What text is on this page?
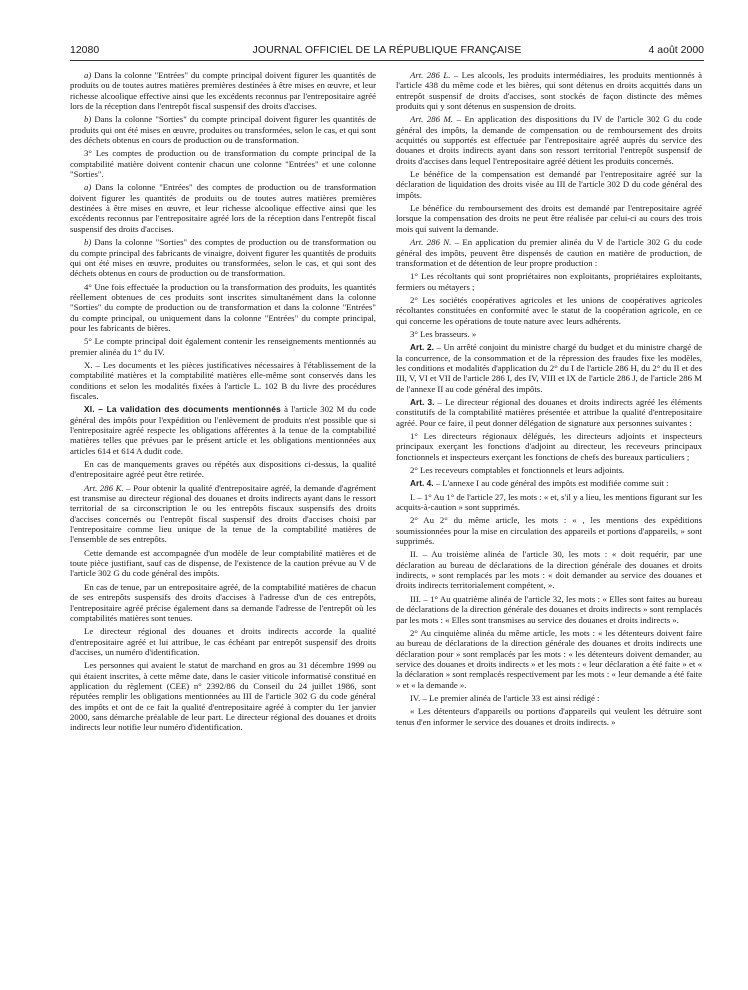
12080	JOURNAL OFFICIEL DE LA RÉPUBLIQUE FRANÇAISE	4 août 2000

a) Dans la colonne "Entrées" du compte principal doivent figurer les quantités de produits ou de toutes autres matières premières destinées à être mises en œuvre, et leur richesse alcoolique effective ainsi que les excédents reconnus par l'entrepositaire agréé lors de la réception dans l'entrepôt fiscal suspensif des droits d'accises.

b) Dans la colonne "Sorties" du compte principal doivent figurer les quantités de produits qui ont été mises en œuvre, produites ou transformées, selon le cas, et qui sont des déchets obtenus en cours de production ou de transformation.

3° Les comptes de production ou de transformation du compte principal de la comptabilité matière doivent contenir chacun une colonne "Entrées" et une colonne "Sorties".

a) Dans la colonne "Entrées" des comptes de production ou de transformation doivent figurer les quantités de produits ou de toutes autres matières premières destinées à être mises en œuvre, et leur richesse alcoolique effective ainsi que les excédents reconnus par l'entrepositaire agréé lors de la réception dans l'entrepôt fiscal suspensif des droits d'accises.

b) Dans la colonne "Sorties" des comptes de production ou de transformation ou du compte principal des fabricants de vinaigre, doivent figurer les quantités de produits qui ont été mises en œuvre, produites ou transformées, selon le cas, et qui sont des déchets obtenus en cours de production ou de transformation.

4° Une fois effectuée la production ou la transformation des produits, les quantités réellement obtenues de ces produits sont inscrites simultanément dans la colonne "Sorties" du compte de production ou de transformation et dans la colonne "Entrées" du compte principal, ou uniquement dans la colonne "Entrées" du compte principal, pour les fabricants de bières.

5° Le compte principal doit également contenir les renseignements mentionnés au premier alinéa du 1° du IV.

X. – Les documents et les pièces justificatives nécessaires à l'établissement de la comptabilité matières et la comptabilité matières elle-même sont conservés dans les conditions et selon les modalités fixées à l'article L. 102 B du livre des procédures fiscales.

XI. – La validation des documents mentionnés à l'article 302 M du code général des impôts pour l'expédition ou l'enlèvement de produits n'est possible que si l'entrepositaire agréé respecte les obligations afférentes à la tenue de la comptabilité matières telles que prévues par le présent article et les obligations mentionnées aux articles 614 et 614 A dudit code.

En cas de manquements graves ou répétés aux dispositions ci-dessus, la qualité d'entrepositaire agréé peut être retirée.

Art. 286 K. – Pour obtenir la qualité d'entrepositaire agréé, la demande d'agrément est transmise au directeur régional des douanes et droits indirects ayant dans le ressort territorial de sa circonscription le ou les entrepôts fiscaux suspensifs des droits d'accises concernés ou l'entrepôt fiscal suspensif des droits d'accises choisi par l'entrepositaire comme lieu unique de la tenue de la comptabilité matières de l'ensemble de ses entrepôts.

Cette demande est accompagnée d'un modèle de leur comptabilité matières et de toute pièce justifiant, sauf cas de dispense, de l'existence de la caution prévue au V de l'article 302 G du code général des impôts.

En cas de tenue, par un entrepositaire agréé, de la comptabilité matières de chacun de ses entrepôts suspensifs des droits d'accises à l'adresse d'un de ces entrepôts, l'entrepositaire agréé précise également dans sa demande l'adresse de l'entrepôt où les comptabilités matières sont tenues.

Le directeur régional des douanes et droits indirects accorde la qualité d'entrepositaire agréé et lui attribue, le cas échéant par entrepôt suspensif des droits d'accises, un numéro d'identification.

Les personnes qui avaient le statut de marchand en gros au 31 décembre 1999 ou qui étaient inscrites, à cette même date, dans le casier viticole informatisé constitué en application du règlement (CEE) n° 2392/86 du Conseil du 24 juillet 1986, sont réputées remplir les obligations mentionnées au III de l'article 302 G du code général des impôts et ont de ce fait la qualité d'entrepositaire agréé à compter du 1er janvier 2000, sans démarche préalable de leur part. Le directeur régional des douanes et droits indirects leur notifie leur numéro d'identification.

Art. 286 L. – Les alcools, les produits intermédiaires, les produits mentionnés à l'article 438 du même code et les bières, qui sont détenus en droits acquittés dans un entrepôt suspensif de droits d'accises, sont stockés de façon distincte des mêmes produits qui y sont détenus en suspension de droits.

Art. 286 M. – En application des dispositions du IV de l'article 302 G du code général des impôts, la demande de compensation ou de remboursement des droits acquittés ou supportés est effectuée par l'entrepositaire agréé auprès du service des douanes et droits indirects ayant dans son ressort territorial l'entrepôt suspensif de droits d'accises dans lequel l'entrepositaire agréé détient les produits concernés.

Le bénéfice de la compensation est demandé par l'entrepositaire agréé sur la déclaration de liquidation des droits visée au III de l'article 302 D du code général des impôts.

Le bénéfice du remboursement des droits est demandé par l'entrepositaire agréé lorsque la compensation des droits ne peut être réalisée par celui-ci au cours des trois mois qui suivent la demande.

Art. 286 N. – En application du premier alinéa du V de l'article 302 G du code général des impôts, peuvent être dispensés de caution en matière de production, de transformation et de détention de leur propre production :

1° Les récoltants qui sont propriétaires non exploitants, propriétaires exploitants, fermiers ou métayers ;

2° Les sociétés coopératives agricoles et les unions de coopératives agricoles récoltantes constituées en conformité avec le statut de la coopération agricole, en ce qui concerne les opérations de toute nature avec leurs adhérents.

3° Les brasseurs. »

Art. 2. – Un arrêté conjoint du ministre chargé du budget et du ministre chargé de la concurrence, de la consommation et de la répression des fraudes fixe les modèles, les conditions et modalités d'application du 2° du I de l'article 286 H, du 2° du II et des III, V, VI et VII de l'article 286 I, des IV, VIII et IX de l'article 286 J, de l'article 286 M de l'annexe II au code général des impôts.

Art. 3. – Le directeur régional des douanes et droits indirects agréé les éléments constitutifs de la comptabilité matières présentée et attribue la qualité d'entrepositaire agréé. Pour ce faire, il peut donner délégation de signature aux personnes suivantes :

1° Les directeurs régionaux délégués, les directeurs adjoints et inspecteurs principaux exerçant les fonctions d'adjoint au directeur, les receveurs principaux fonctionnels et inspecteurs exerçant les fonctions de chefs des bureaux particuliers ;

2° Les receveurs comptables et fonctionnels et leurs adjoints.

Art. 4. – L'annexe I au code général des impôts est modifiée comme suit :

I. – 1° Au 1° de l'article 27, les mots : « et, s'il y a lieu, les mentions figurant sur les acquits-à-caution » sont supprimés.

2° Au 2° du même article, les mots : « , les mentions des expéditions soumissionnées pour la mise en circulation des appareils et portions d'appareils, » sont supprimés.

II. – Au troisième alinéa de l'article 30, les mots : « doit requérir, par une déclaration au bureau de déclarations de la direction générale des douanes et droits indirects, » sont remplacés par les mots : « doit demander au service des douanes et droits indirects territorialement compétent, ».

III. – 1° Au quatrième alinéa de l'article 32, les mots : « Elles sont faites au bureau de déclarations de la direction générale des douanes et droits indirects » sont remplacés par les mots : « Elles sont transmises au service des douanes et droits indirects ».

2° Au cinquième alinéa du même article, les mots : « les détenteurs doivent faire au bureau de déclarations de la direction générale des douanes et droits indirects une déclaration pour » sont remplacés par les mots : « les détenteurs doivent demander, au service des douanes et droits indirects » et les mots : « leur déclaration a été faite » et « la déclaration » sont remplacés respectivement par les mots : « leur demande a été faite » et « la demande ».

IV. – Le premier alinéa de l'article 33 est ainsi rédigé :

« Les détenteurs d'appareils ou portions d'appareils qui veulent les détruire sont tenus d'en informer le service des douanes et droits indirects. »
